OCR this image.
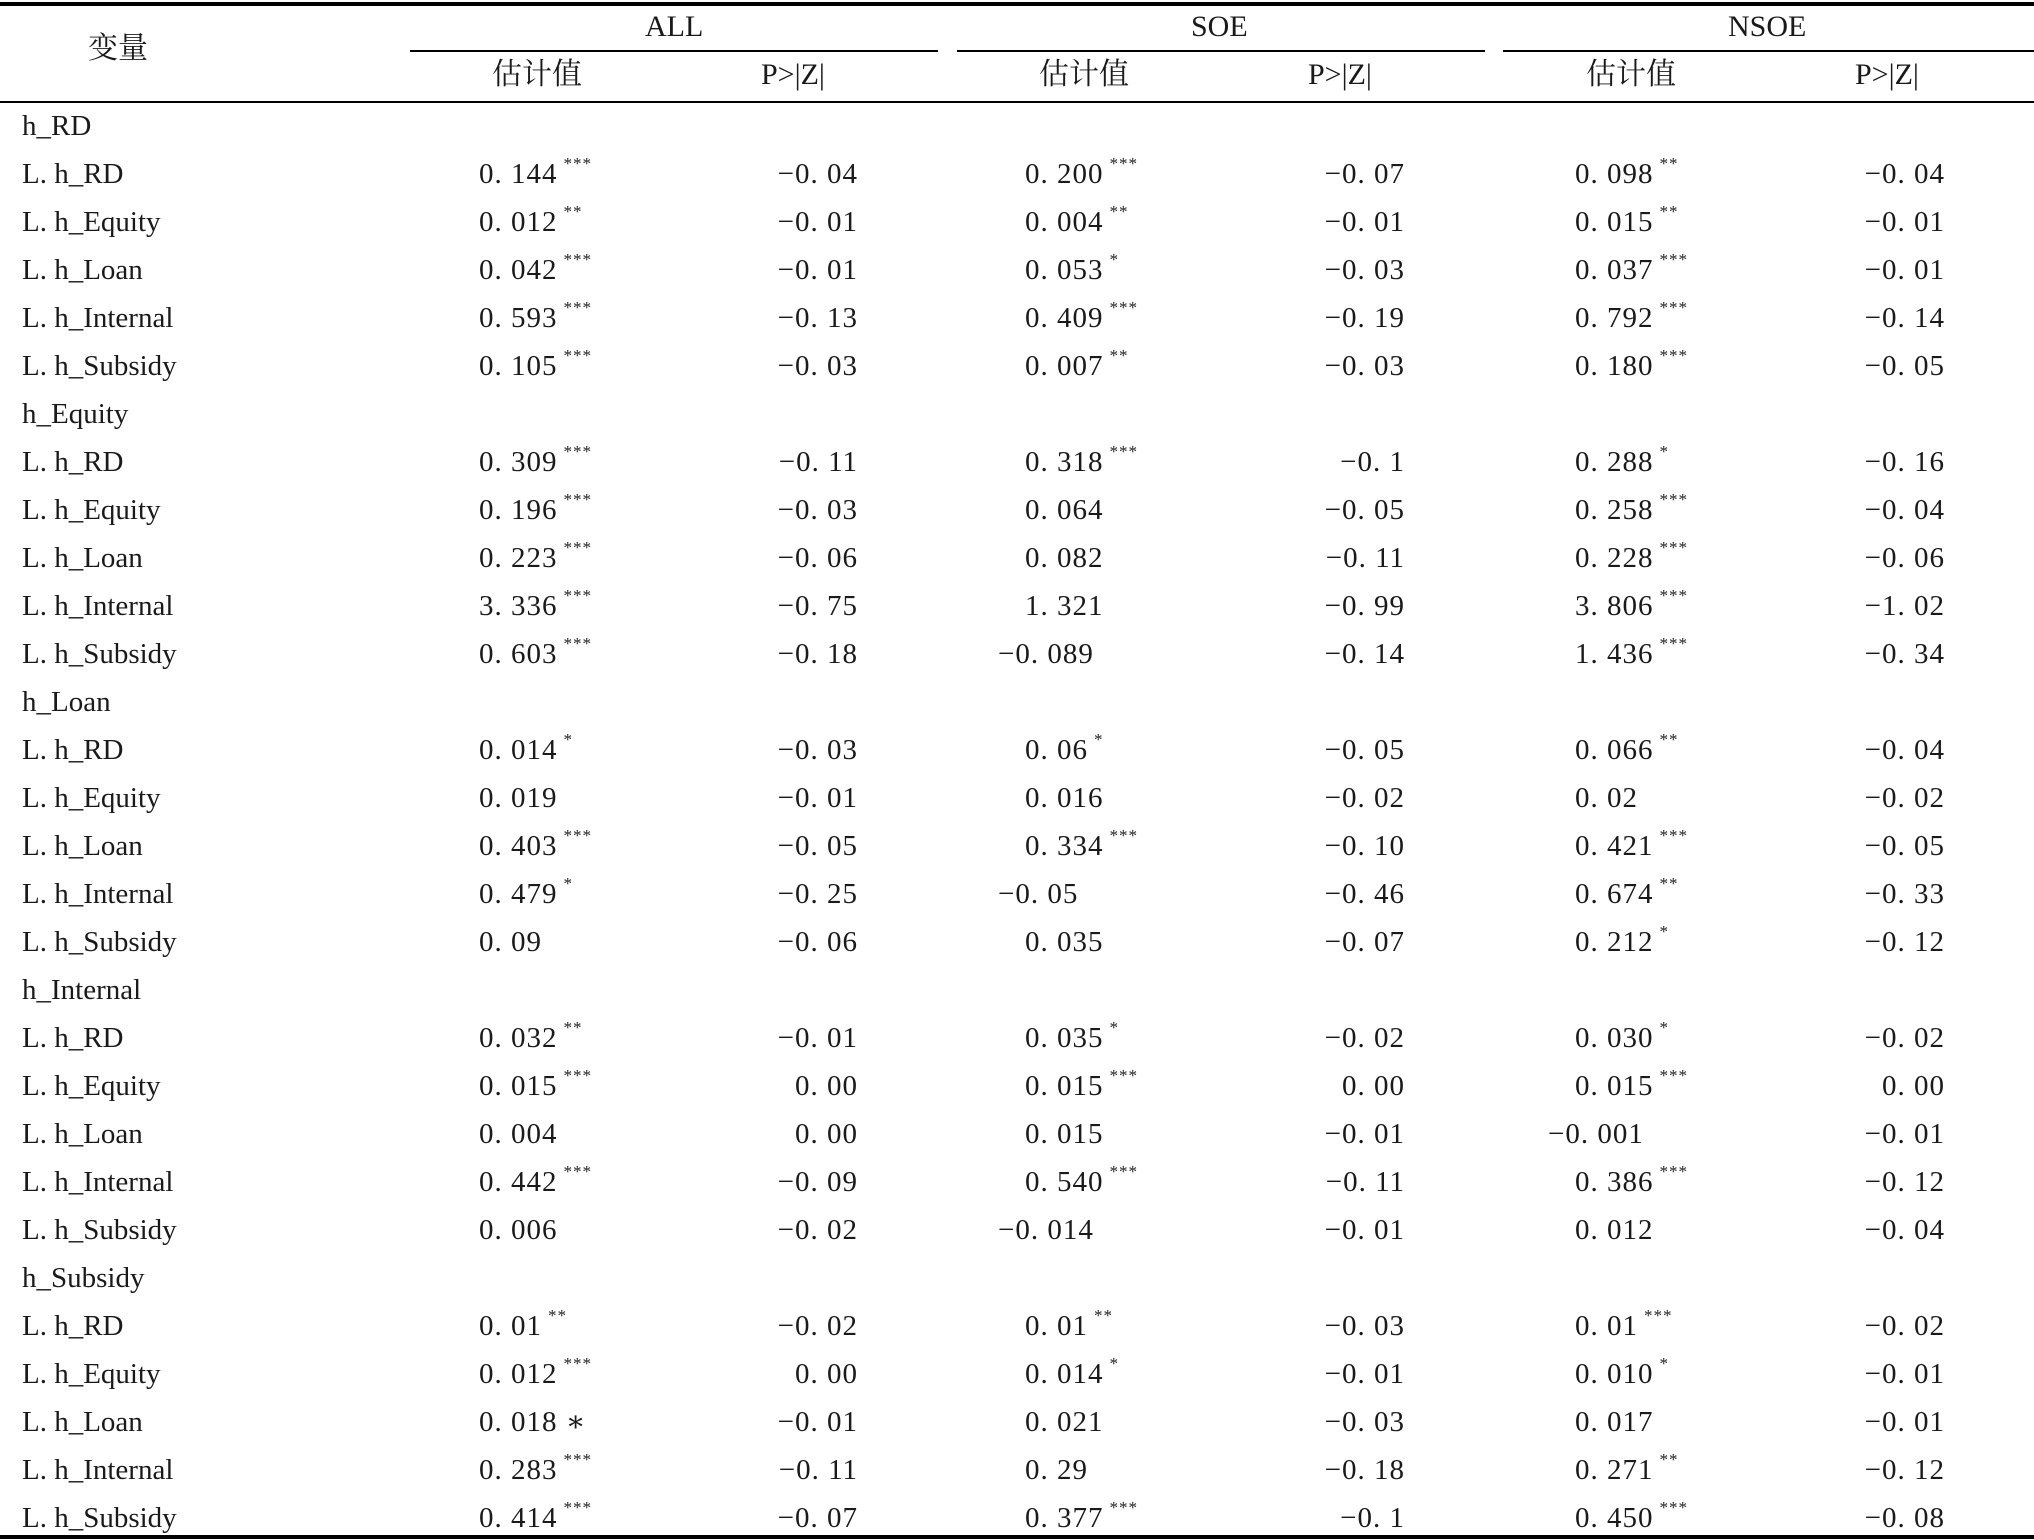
变量
ALL	SOE	NSOE
估计值	P>|Z|	估计值	P>|Z|	估计值	P>|Z|
h_RD
L. h_RD	0. 144 ***	−0. 04	0. 200 ***	−0. 07	0. 098 **	−0. 04
L. h_Equity	0. 012 **	−0. 01	0. 004 **	−0. 01	0. 015 **	−0. 01
L. h_Loan	0. 042 ***	−0. 01	0. 053 *	−0. 03	0. 037 ***	−0. 01
L. h_Internal	0. 593 ***	−0. 13	0. 409 ***	−0. 19	0. 792 ***	−0. 14
L. h_Subsidy	0. 105 ***	−0. 03	0. 007 **	−0. 03	0. 180 ***	−0. 05
h_Equity
L. h_RD	0. 309 ***	−0. 11	0. 318 ***	−0. 1	0. 288 *	−0. 16
L. h_Equity	0. 196 ***	−0. 03	0. 064	−0. 05	0. 258 ***	−0. 04
L. h_Loan	0. 223 ***	−0. 06	0. 082	−0. 11	0. 228 ***	−0. 06
L. h_Internal	3. 336 ***	−0. 75	1. 321	−0. 99	3. 806 ***	−1. 02
L. h_Subsidy	0. 603 ***	−0. 18	−0. 089	−0. 14	1. 436 ***	−0. 34
h_Loan
L. h_RD	0. 014 *	−0. 03	0. 06 *	−0. 05	0. 066 **	−0. 04
L. h_Equity	0. 019	−0. 01	0. 016	−0. 02	0. 02	−0. 02
L. h_Loan	0. 403 ***	−0. 05	0. 334 ***	−0. 10	0. 421 ***	−0. 05
L. h_Internal	0. 479 *	−0. 25	−0. 05	−0. 46	0. 674 **	−0. 33
L. h_Subsidy	0. 09	−0. 06	0. 035	−0. 07	0. 212 *	−0. 12
h_Internal
L. h_RD	0. 032 **	−0. 01	0. 035 *	−0. 02	0. 030 *	−0. 02
L. h_Equity	0. 015 ***	0. 00	0. 015 ***	0. 00	0. 015 ***	0. 00
L. h_Loan	0. 004	0. 00	0. 015	−0. 01	−0. 001	−0. 01
L. h_Internal	0. 442 ***	−0. 09	0. 540 ***	−0. 11	0. 386 ***	−0. 12
L. h_Subsidy	0. 006	−0. 02	−0. 014	−0. 01	0. 012	−0. 04
h_Subsidy
L. h_RD	0. 01 **	−0. 02	0. 01 **	−0. 03	0. 01 ***	−0. 02
L. h_Equity	0. 012 ***	0. 00	0. 014 *	−0. 01	0. 010 *	−0. 01
L. h_Loan	0. 018 ∗	−0. 01	0. 021	−0. 03	0. 017	−0. 01
L. h_Internal	0. 283 ***	−0. 11	0. 29	−0. 18	0. 271 **	−0. 12
L. h_Subsidy	0. 414 ***	−0. 07	0. 377 ***	−0. 1	0. 450 ***	−0. 08
